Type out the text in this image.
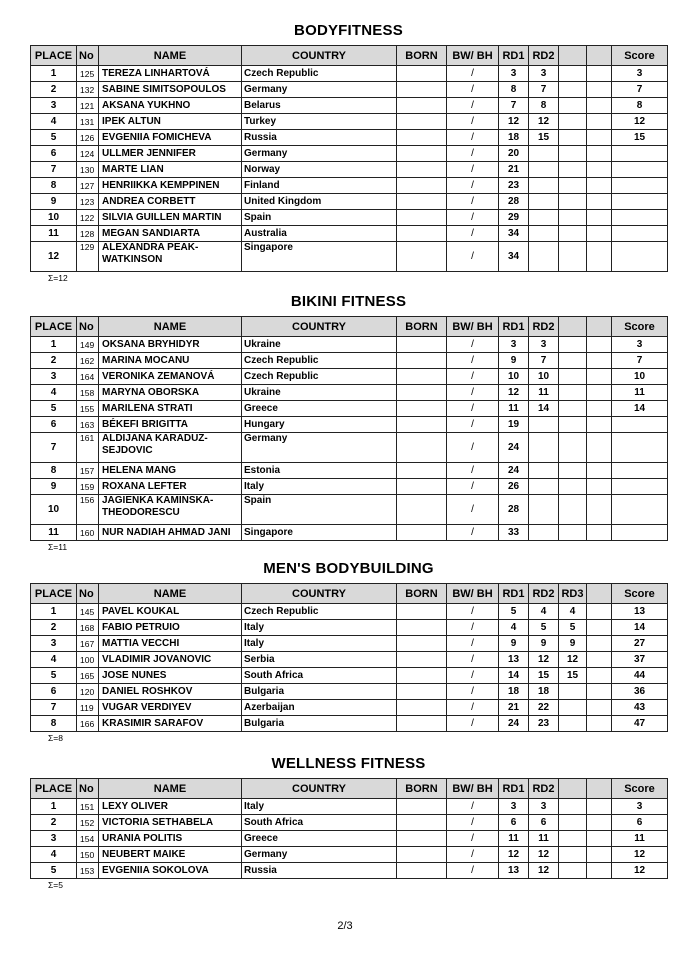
BODYFITNESS
PLACE	No	NAME	COUNTRY	BORN	BW/ BH	RD1	RD2			Score
1	125	TEREZA LINHARTOVÁ	Czech Republic		/	3	3			3
2	132	SABINE SIMITSOPOULOS	Germany		/	8	7			7
3	121	AKSANA YUKHNO	Belarus		/	7	8			8
4	131	IPEK ALTUN	Turkey		/	12	12			12
5	126	EVGENIIA FOMICHEVA	Russia		/	18	15			15
6	124	ULLMER JENNIFER	Germany		/	20				
7	130	MARTE LIAN	Norway		/	21				
8	127	HENRIIKKA KEMPPINEN	Finland		/	23				
9	123	ANDREA CORBETT	United Kingdom		/	28				
10	122	SILVIA GUILLEN MARTIN	Spain		/	29				
11	128	MEGAN SANDIARTA	Australia		/	34				
12	129	ALEXANDRA PEAK-WATKINSON	Singapore		/	34				
Σ=12
BIKINI FITNESS
PLACE	No	NAME	COUNTRY	BORN	BW/ BH	RD1	RD2			Score
1	149	OKSANA BRYHIDYR	Ukraine		/	3	3			3
2	162	MARINA MOCANU	Czech Republic		/	9	7			7
3	164	VERONIKA ZEMANOVÁ	Czech Republic		/	10	10			10
4	158	MARYNA OBORSKA	Ukraine		/	12	11			11
5	155	MARILENA STRATI	Greece		/	11	14			14
6	163	BÉKEFI BRIGITTA	Hungary		/	19				
7	161	ALDIJANA KARADUZ-SEJDOVIC	Germany		/	24				
8	157	HELENA MANG	Estonia		/	24				
9	159	ROXANA LEFTER	Italy		/	26				
10	156	JAGIENKA KAMINSKA-THEODORESCU	Spain		/	28				
11	160	NUR NADIAH AHMAD JANI	Singapore		/	33				
Σ=11
MEN'S BODYBUILDING
PLACE	No	NAME	COUNTRY	BORN	BW/ BH	RD1	RD2	RD3		Score
1	145	PAVEL KOUKAL	Czech Republic		/	5	4	4		13
2	168	FABIO PETRUIO	Italy		/	4	5	5		14
3	167	MATTIA VECCHI	Italy		/	9	9	9		27
4	100	VLADIMIR JOVANOVIC	Serbia		/	13	12	12		37
5	165	JOSE NUNES	South Africa		/	14	15	15		44
6	120	DANIEL ROSHKOV	Bulgaria		/	18	18			36
7	119	VUGAR VERDIYEV	Azerbaijan		/	21	22			43
8	166	KRASIMIR SARAFOV	Bulgaria		/	24	23			47
Σ=8
WELLNESS FITNESS
PLACE	No	NAME	COUNTRY	BORN	BW/ BH	RD1	RD2			Score
1	151	LEXY OLIVER	Italy		/	3	3			3
2	152	VICTORIA SETHABELA	South Africa		/	6	6			6
3	154	URANIA POLITIS	Greece		/	11	11			11
4	150	NEUBERT MAIKE	Germany		/	12	12			12
5	153	EVGENIIA SOKOLOVA	Russia		/	13	12			12
Σ=5
2/3
